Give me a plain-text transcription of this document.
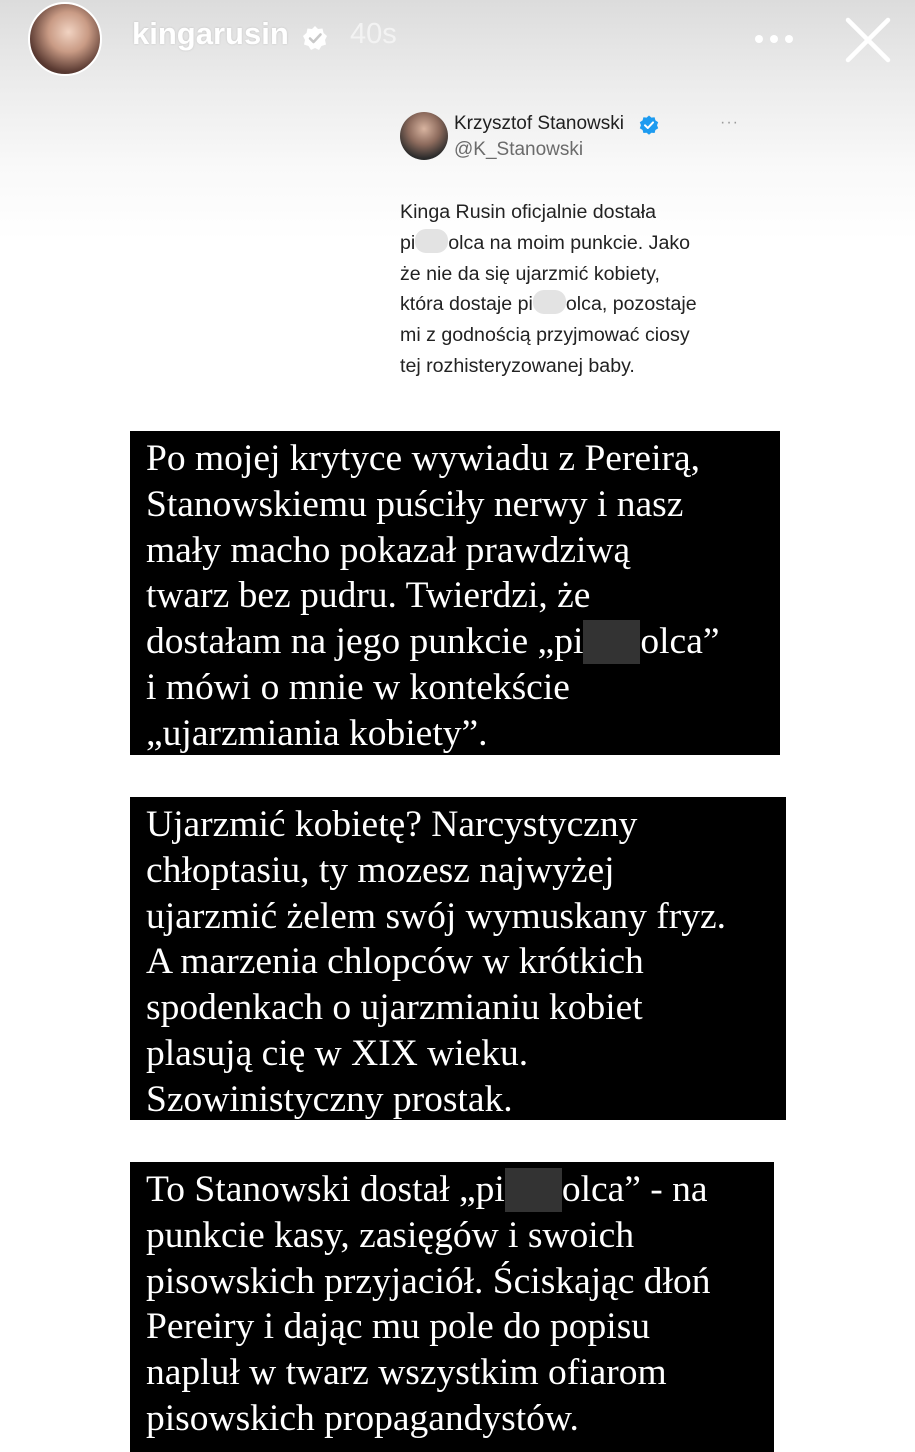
kingarusin 40s
Krzysztof Stanowski
@K_Stanowski
···
Kinga Rusin oficjalnie dostała
pi olca na moim punkcie. Jako
że nie da się ujarzmić kobiety,
która dostaje pi olca, pozostaje
mi z godnością przyjmować ciosy
tej rozhisteryzowanej baby.
Po mojej krytyce wywiadu z Pereirą,
Stanowskiemu puściły nerwy i nasz
mały macho pokazał prawdziwą
twarz bez pudru. Twierdzi, że
dostałam na jego punkcie „pi olca”
i mówi o mnie w kontekście
„ujarzmiania kobiety”.
Ujarzmić kobietę? Narcystyczny
chłoptasiu, ty mozesz najwyżej
ujarzmić żelem swój wymuskany fryz.
A marzenia chlopców w krótkich
spodenkach o ujarzmianiu kobiet
plasują cię w XIX wieku.
Szowinistyczny prostak.
To Stanowski dostał „pi olca” - na
punkcie kasy, zasięgów i swoich
pisowskich przyjaciół. Ściskając dłoń
Pereiry i dając mu pole do popisu
napluł w twarz wszystkim ofiarom
pisowskich propagandystów.
